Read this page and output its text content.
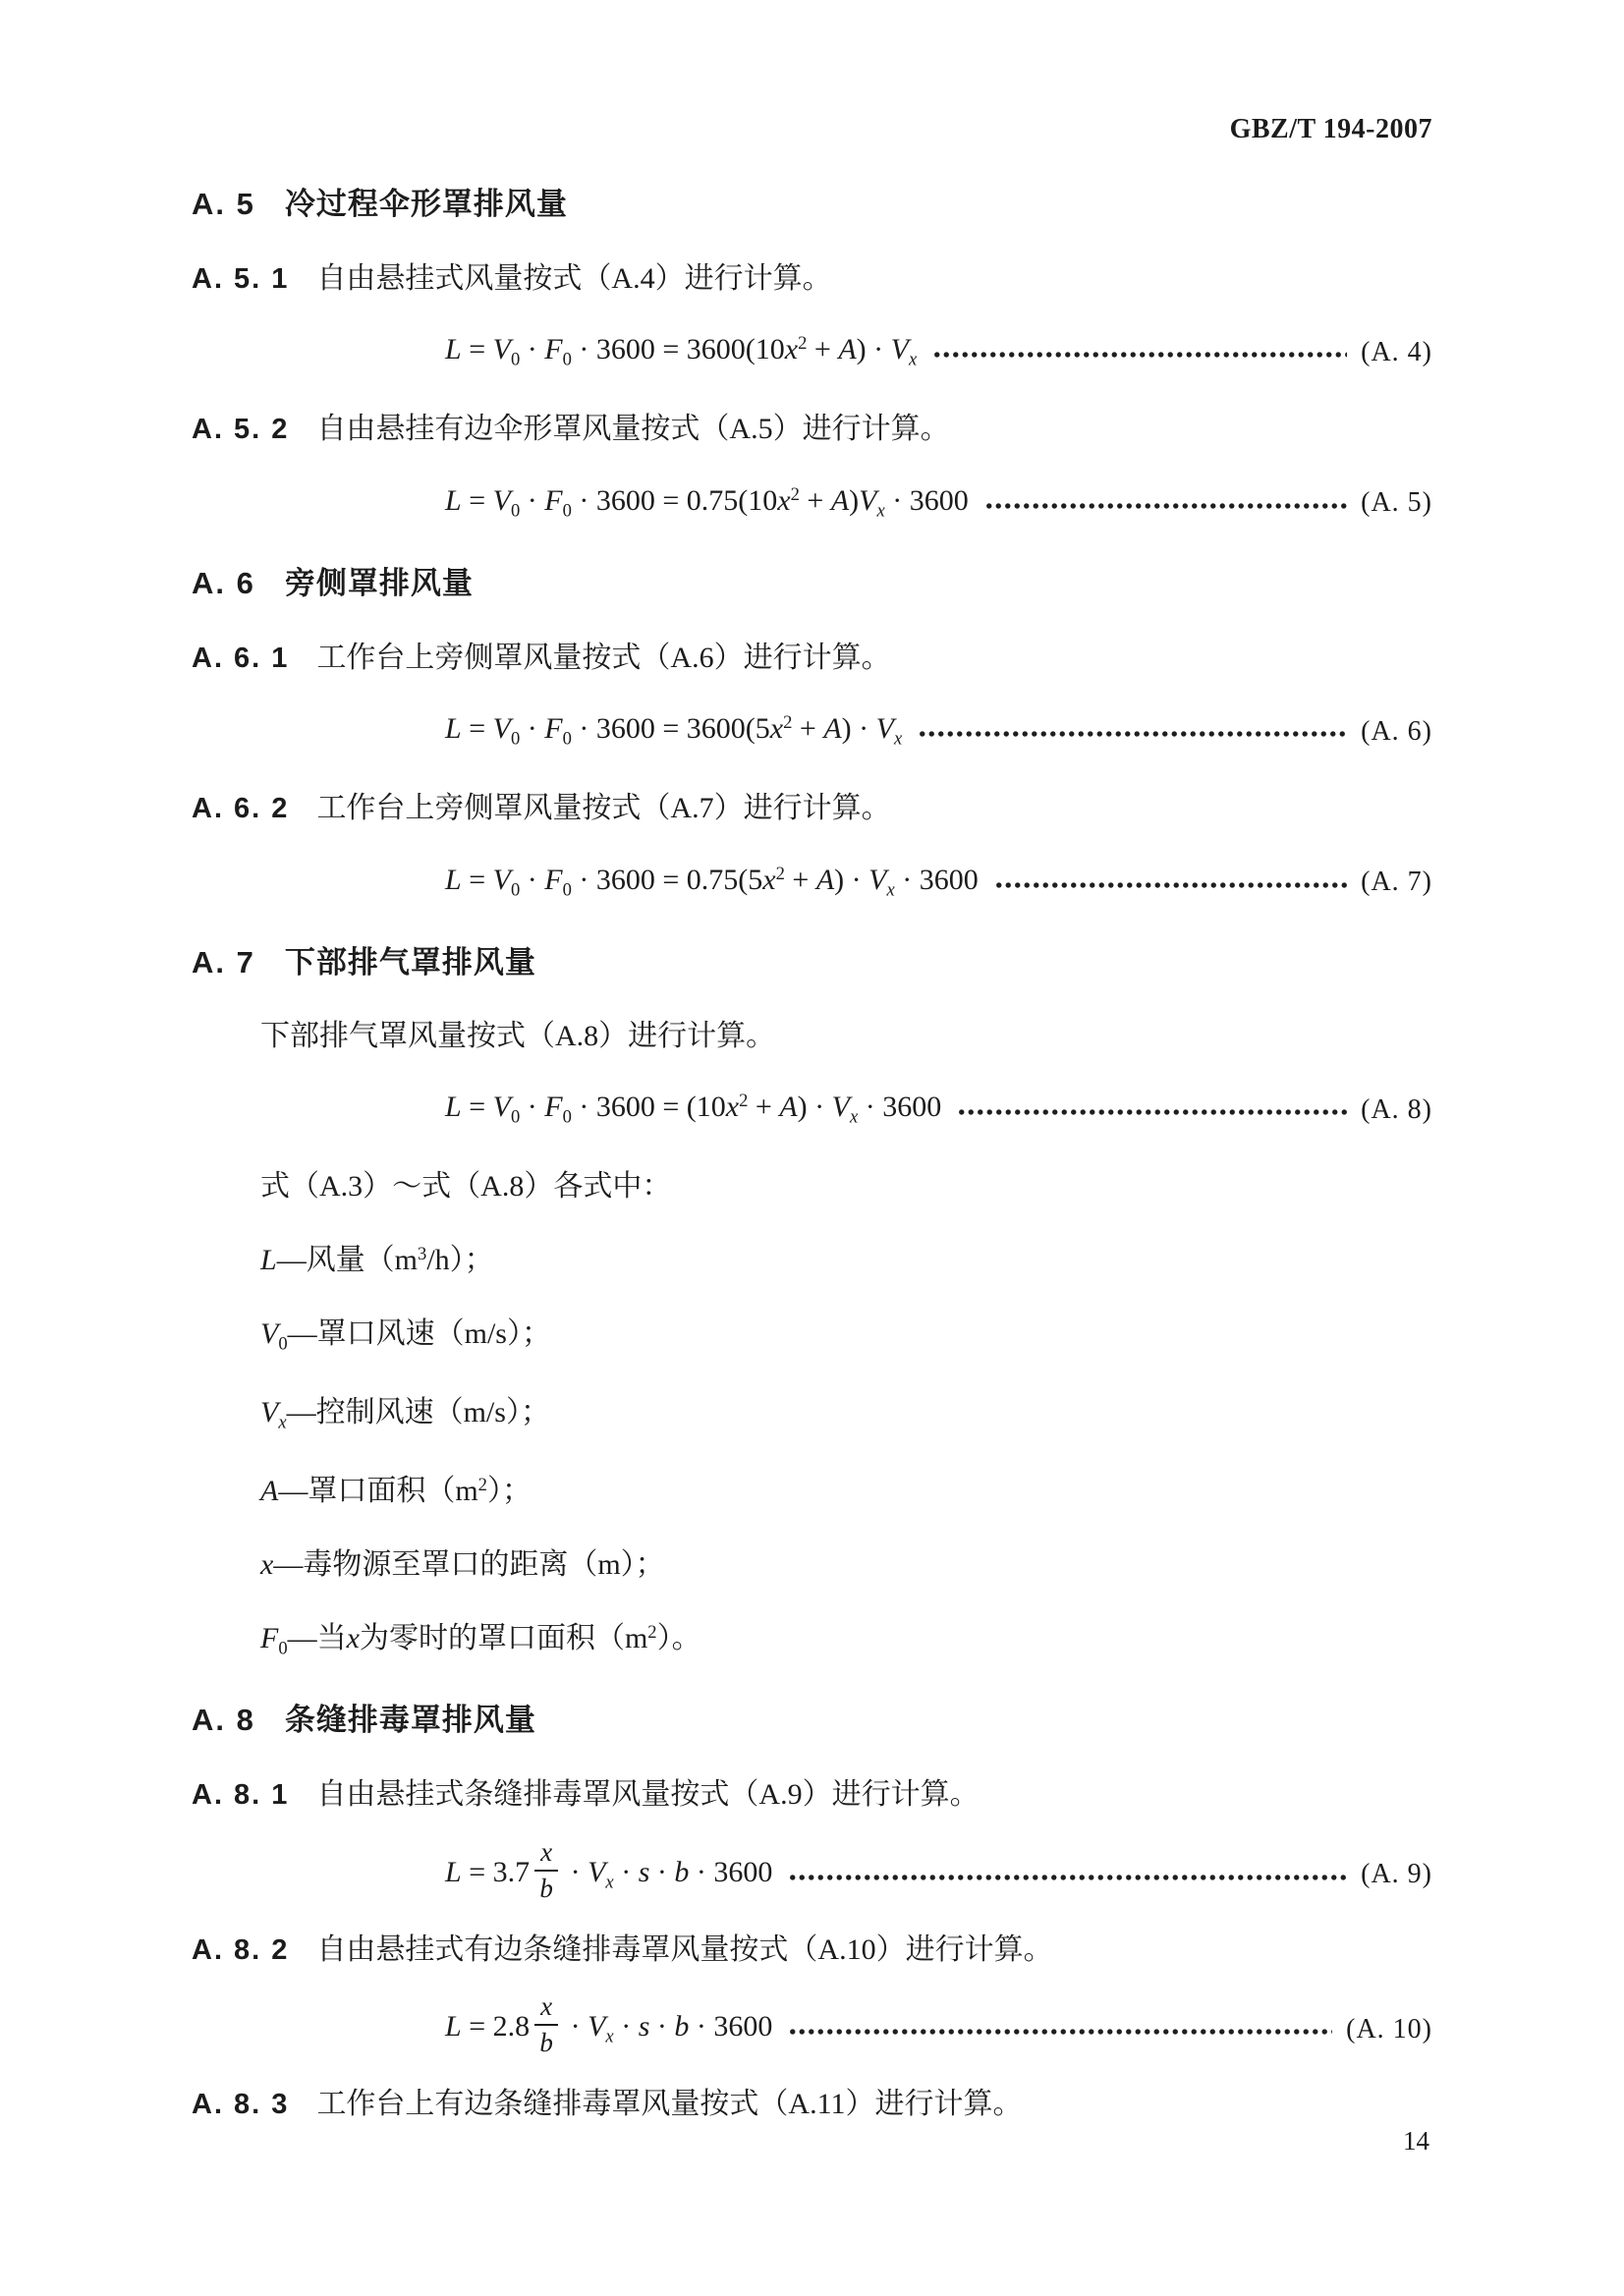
GBZ/T 194-2007
A. 5 冷过程伞形罩排风量
A. 5. 1 自由悬挂式风量按式（A.4）进行计算。
$L = V_0 \cdot F_0 \cdot 3600 = 3600(10x^2 + A) \cdot V_x$	(A. 4)
A. 5. 2 自由悬挂有边伞形罩风量按式（A.5）进行计算。
$L = V_0 \cdot F_0 \cdot 3600 = 0.75(10x^2 + A)V_x \cdot 3600$	(A. 5)
A. 6 旁侧罩排风量
A. 6. 1 工作台上旁侧罩风量按式（A.6）进行计算。
$L = V_0 \cdot F_0 \cdot 3600 = 3600(5x^2 + A) \cdot V_x$	(A. 6)
A. 6. 2 工作台上旁侧罩风量按式（A.7）进行计算。
$L = V_0 \cdot F_0 \cdot 3600 = 0.75(5x^2 + A) \cdot V_x \cdot 3600$	(A. 7)
A. 7 下部排气罩排风量
下部排气罩风量按式（A.8）进行计算。
$L = V_0 \cdot F_0 \cdot 3600 = (10x^2 + A) \cdot V_x \cdot 3600$	(A. 8)
式（A.3）～式（A.8）各式中：
L—风量$(m^3/h)$；
$V_0—$罩口风速（m/s）；
$V_x—$控制风速（m/s）；
A—罩口面积$(m^2)$；
x—毒物源至罩口的距离（m）；
$F_0—$当x为零时的罩口面积$(m^2)$。
A. 8 条缝排毒罩排风量
A. 8. 1 自由悬挂式条缝排毒罩风量按式（A.9）进行计算。
$L = 3.7 \frac{x}{b} \cdot V_x \cdot s \cdot b \cdot 3600$	(A. 9)
A. 8. 2 自由悬挂式有边条缝排毒罩风量按式（A.10）进行计算。
$L = 2.8 \frac{x}{b} \cdot V_x \cdot s \cdot b \cdot 3600$	(A. 10)
A. 8. 3 工作台上有边条缝排毒罩风量按式（A.11）进行计算。
14
